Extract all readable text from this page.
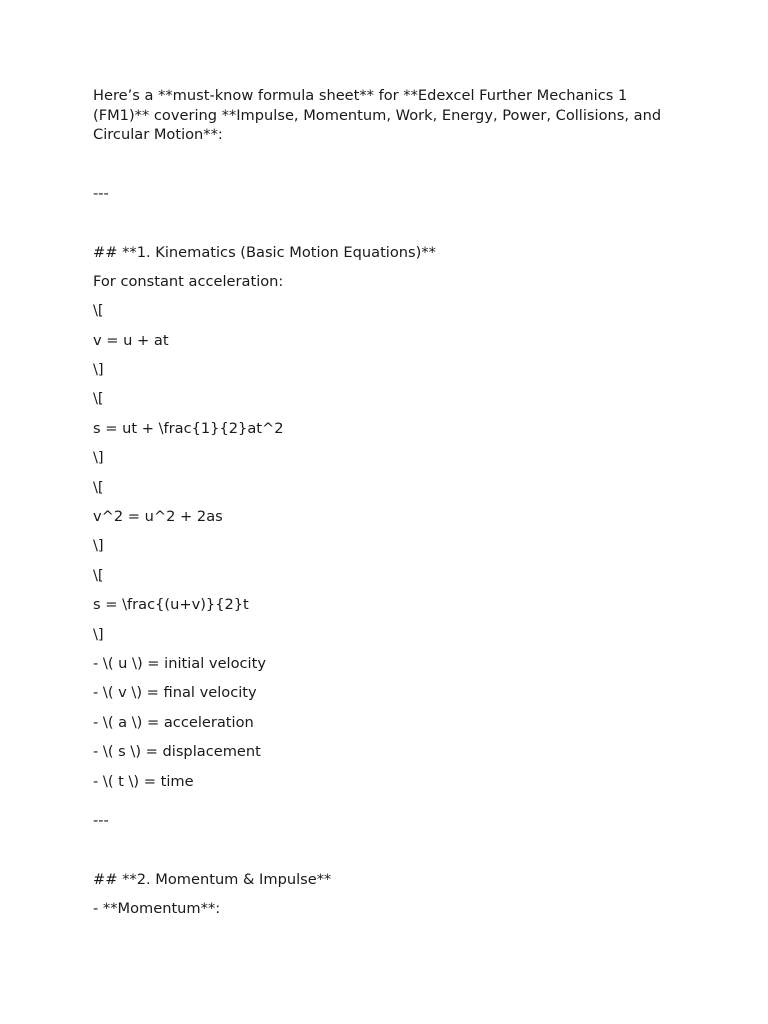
Here’s a **must-know formula sheet** for **Edexcel Further Mechanics 1 (FM1)** covering **Impulse, Momentum, Work, Energy, Power, Collisions, and Circular Motion**:

---
## **1. Kinematics (Basic Motion Equations)**
For constant acceleration:
\[
v = u + at
\]
\[
s = ut + \frac{1}{2}at^2
\]
\[
v^2 = u^2 + 2as
\]
\[
s = \frac{(u+v)}{2}t
\]
- \( u \) = initial velocity
- \( v \) = final velocity
- \( a \) = acceleration
- \( s \) = displacement
- \( t \) = time
---
## **2. Momentum & Impulse**
- **Momentum**:
